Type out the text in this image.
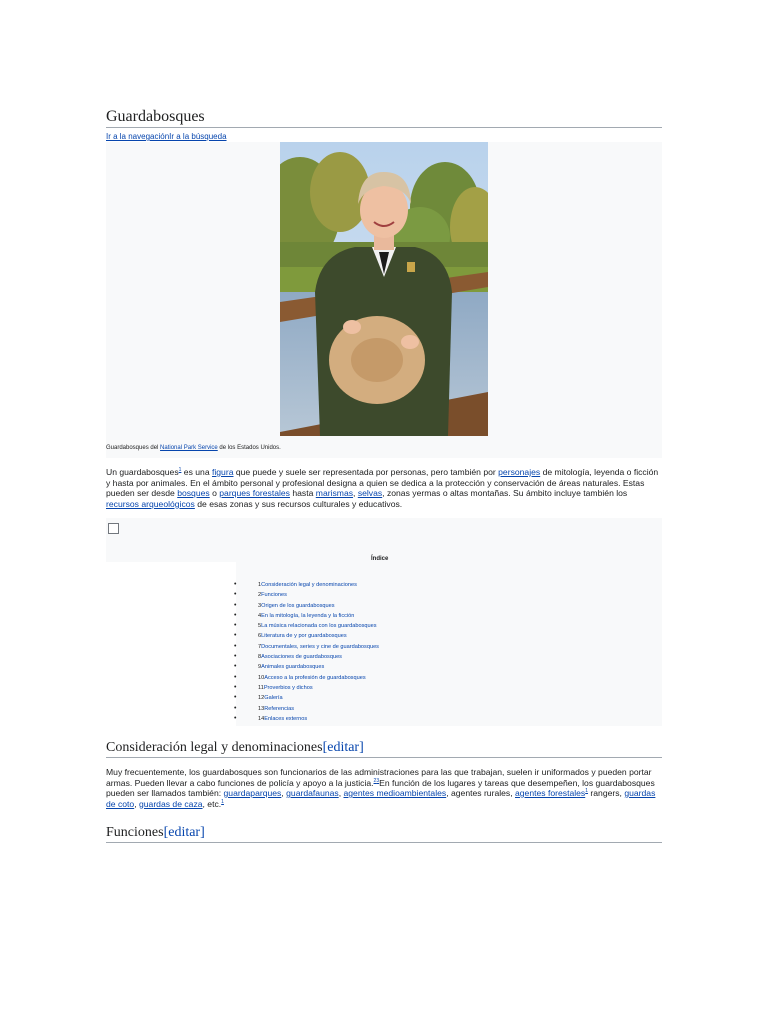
Guardabosques
Ir a la navegaciónIr a la búsqueda
Guardabosques del National Park Service de los Estados Unidos.

Un guardabosques$^1$ es una figura que puede y suele ser representada por personas, pero también por personajes de mitología, leyenda o ficción y hasta por animales. En el ámbito personal y profesional designa a quien se dedica a la protección y conservación de áreas naturales. Estas pueden ser desde bosques o parques forestales hasta marismas, selvas, zonas yermas o altas montañas. Su ámbito incluye también los recursos arqueológicos de esas zonas y sus recursos culturales y educativos.

Índice
• 1Consideración legal y denominaciones
• 2Funciones
• 3Origen de los guardabosques
• 4En la mitología, la leyenda y la ficción
• 5La música relacionada con los guardabosques
• 6Literatura de y por guardabosques
• 7Documentales, series y cine de guardabosques
• 8Asociaciones de guardabosques
• 9Animales guardabosques
• 10Acceso a la profesión de guardabosques
• 11Proverbios y dichos
• 12Galería
• 13Referencias
• 14Enlaces externos
Consideración legal y denominaciones[editar]

Muy frecuentemente, los guardabosques son funcionarios de las administraciones para las que trabajan, suelen ir uniformados y pueden portar armas. Pueden llevar a cabo funciones de policía y apoyo a la justicia.$^{23}$En función de los lugares y tareas que desempeñen, los guardabosques pueden ser llamados también: guardaparques, guardafaunas, agentes medioambientales, agentes rurales, agentes forestales$^1$ rangers, guardas de coto, guardas de caza, etc.$^1$

Funciones[editar]
